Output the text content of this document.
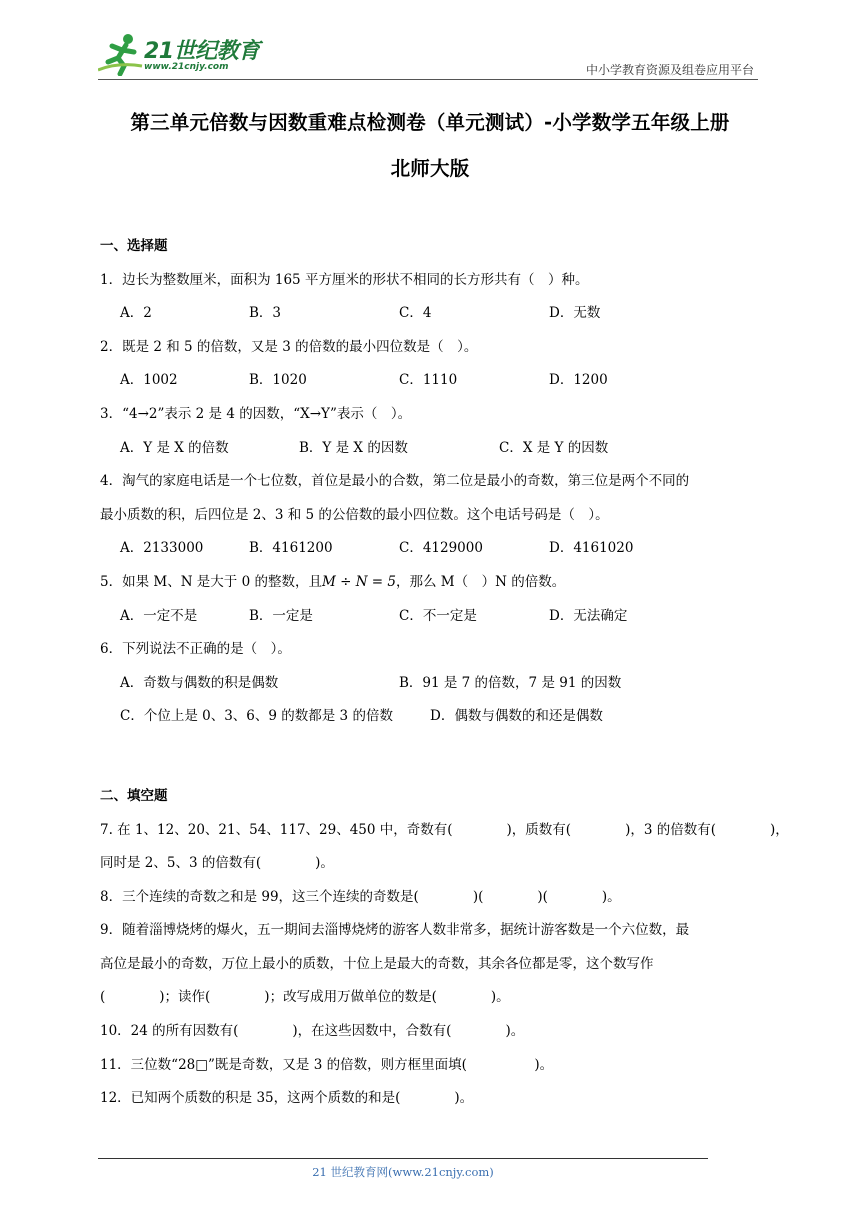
21世纪教育
www.21cnjy.com	中小学教育资源及组卷应用平台
第三单元倍数与因数重难点检测卷（单元测试）-小学数学五年级上册
北师大版
一、选择题
1．边长为整数厘米，面积为 165 平方厘米的形状不相同的长方形共有（　）种。
A．2	B．3	C．4	D．无数
2．既是 2 和 5 的倍数，又是 3 的倍数的最小四位数是（　）。
A．1002	B．1020	C．1110	D．1200
3．“4→2”表示 2 是 4 的因数，“X→Y”表示（　）。
A．Y 是 X 的倍数	B．Y 是 X 的因数	C．X 是 Y 的因数
4．淘气的家庭电话是一个七位数，首位是最小的合数，第二位是最小的奇数，第三位是两个不同的
最小质数的积，后四位是 2、3 和 5 的公倍数的最小四位数。这个电话号码是（　）。
A．2133000	B．4161200	C．4129000	D．4161020
5．如果 M、N 是大于 0 的整数，且M ÷ N = 5，那么 M（　）N 的倍数。
A．一定不是	B．一定是	C．不一定是	D．无法确定
6．下列说法不正确的是（　）。
A．奇数与偶数的积是偶数	B．91 是 7 的倍数，7 是 91 的因数
C．个位上是 0、3、6、9 的数都是 3 的倍数	D．偶数与偶数的和还是偶数
二、填空题
7. 在 1、12、20、21、54、117、29、450 中，奇数有(　　　　)，质数有(　　　　)，3 的倍数有(　　　　)，
同时是 2、5、3 的倍数有(　　　　)。
8．三个连续的奇数之和是 99，这三个连续的奇数是(　　　　)(　　　　)(　　　　)。
9．随着淄博烧烤的爆火，五一期间去淄博烧烤的游客人数非常多，据统计游客数是一个六位数，最
高位是最小的奇数，万位上最小的质数，十位上是最大的奇数，其余各位都是零，这个数写作
(　　　　)；读作(　　　　)；改写成用万做单位的数是(　　　　)。
10．24 的所有因数有(　　　　)，在这些因数中，合数有(　　　　)。
11．三位数“28□”既是奇数，又是 3 的倍数，则方框里面填(　　　　　)。
12．已知两个质数的积是 35，这两个质数的和是(　　　　)。
21 世纪教育网(www.21cnjy.com)
